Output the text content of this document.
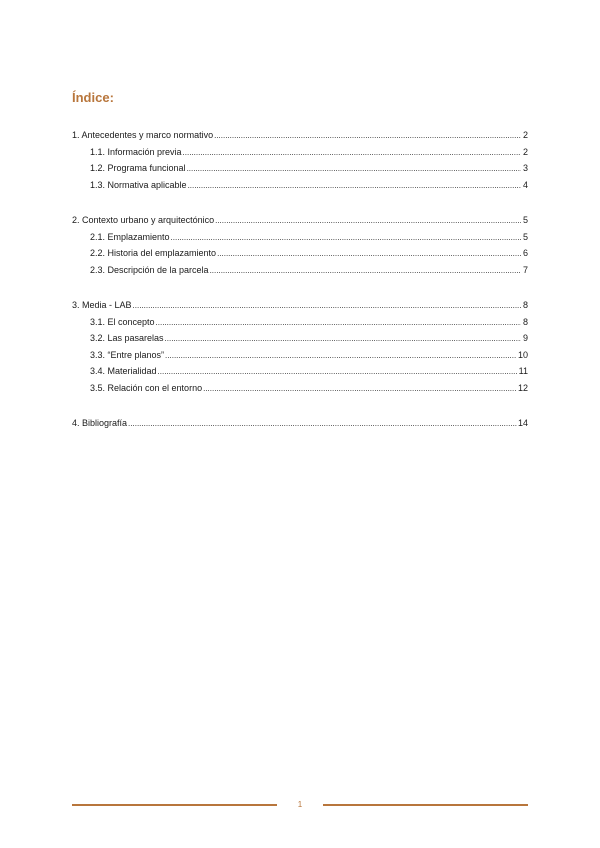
Índice:
1. Antecedentes y marco normativo .....	2
1.1. Información previa .....	2
1.2. Programa funcional .....	3
1.3. Normativa aplicable .....	4
2. Contexto urbano y arquitectónico .....	5
2.1. Emplazamiento .....	5
2.2. Historia del emplazamiento .....	6
2.3. Descripción de la parcela .....	7
3. Media - LAB .....	8
3.1. El concepto .....	8
3.2. Las pasarelas .....	9
3.3. “Entre planos” .....	10
3.4. Materialidad .....	11
3.5. Relación con el entorno .....	12
4. Bibliografía .....	14
1
